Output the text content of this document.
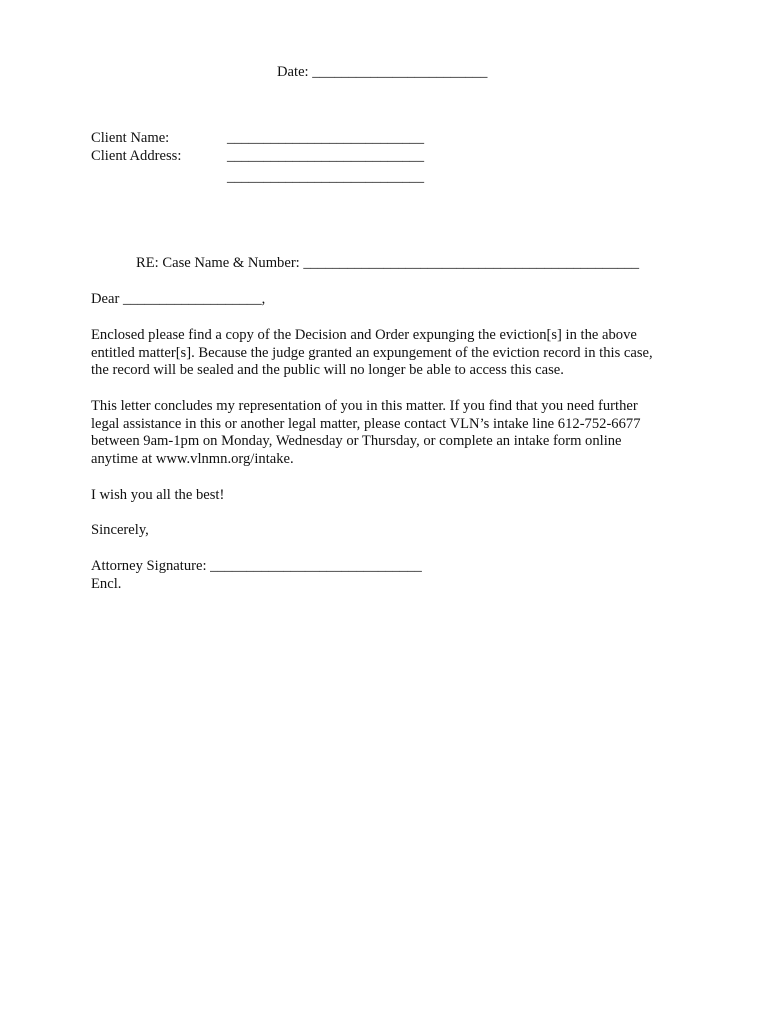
Date: ________________________
Client Name:	___________________________
Client Address:	___________________________
___________________________
RE: Case Name & Number: ______________________________________________
Dear ___________________,
Enclosed please find a copy of the Decision and Order expunging the eviction[s] in the above
entitled matter[s]. Because the judge granted an expungement of the eviction record in this case,
the record will be sealed and the public will no longer be able to access this case.
This letter concludes my representation of you in this matter. If you find that you need further
legal assistance in this or another legal matter, please contact VLN’s intake line 612-752-6677
between 9am-1pm on Monday, Wednesday or Thursday, or complete an intake form online
anytime at www.vlnmn.org/intake.
I wish you all the best!
Sincerely,
Attorney Signature: _____________________________
Encl.
